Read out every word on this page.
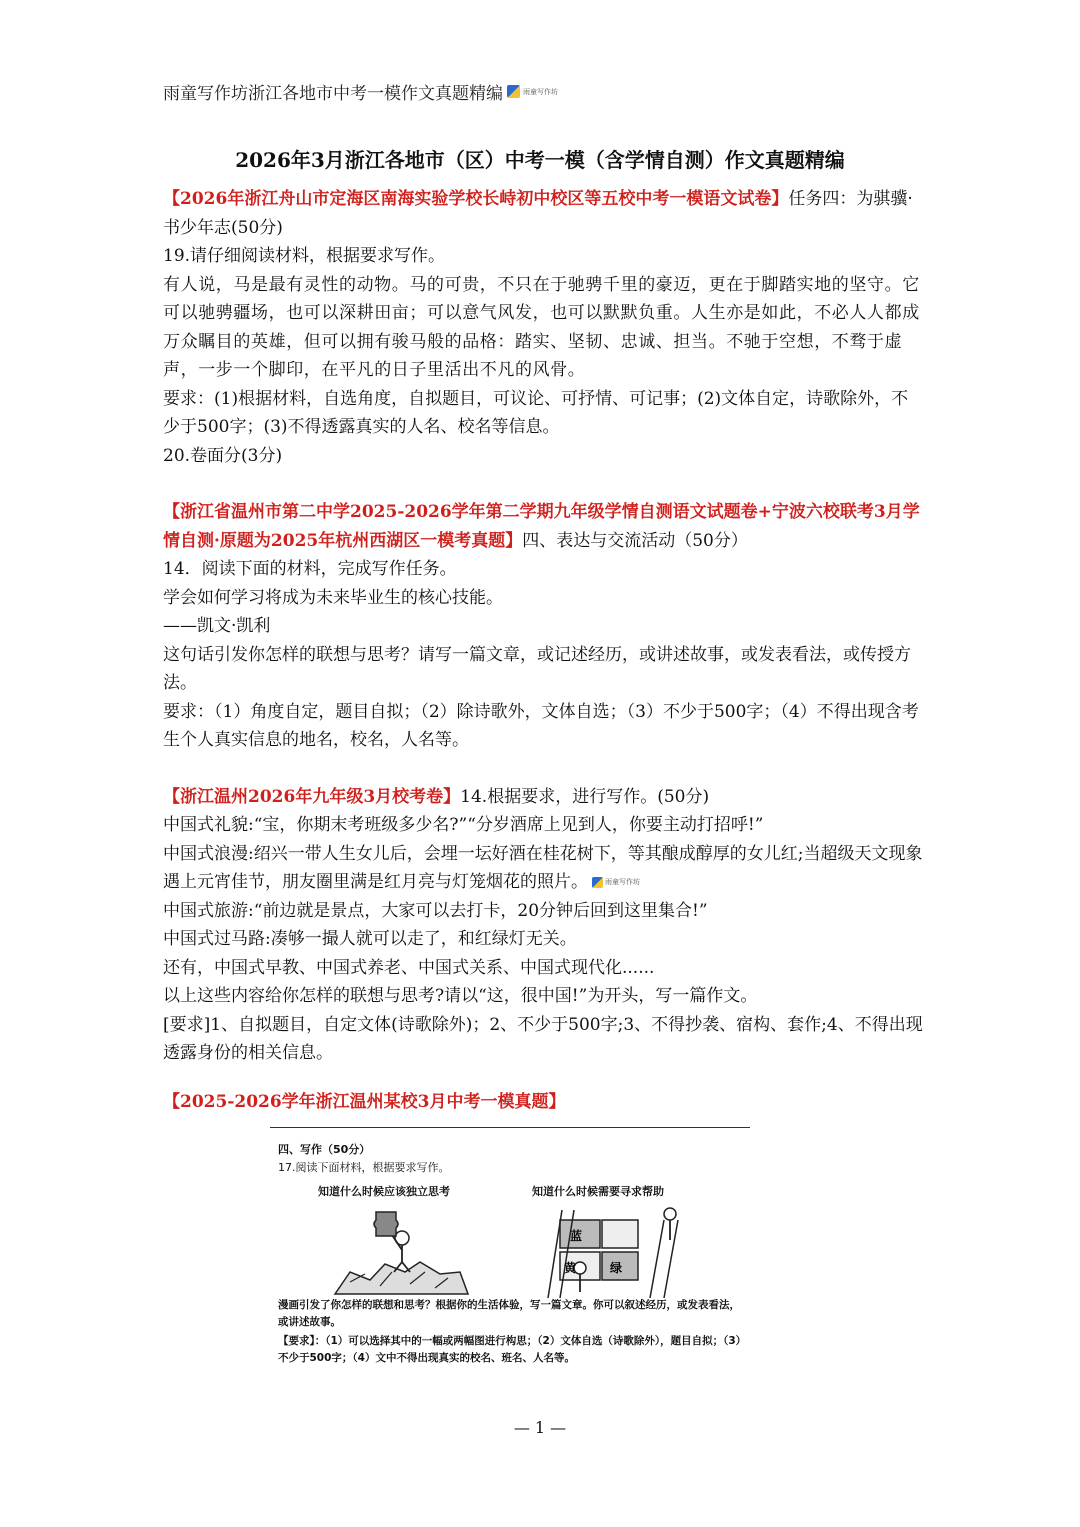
雨童写作坊浙江各地市中考一模作文真题精编	雨童写作坊
2026年3月浙江各地市（区）中考一模（含学情自测）作文真题精编

【2026年浙江舟山市定海区南海实验学校长峙初中校区等五校中考一模语文试卷】任务四：为骐骥·书少年志(50分)

19.请仔细阅读材料，根据要求写作。

有人说，马是最有灵性的动物。马的可贵，不只在于驰骋千里的豪迈，更在于脚踏实地的坚守。它可以驰骋疆场，也可以深耕田亩；可以意气风发，也可以默默负重。人生亦是如此，不必人人都成万众瞩目的英雄，但可以拥有骏马般的品格：踏实、坚韧、忠诚、担当。不驰于空想，不骛于虚声，一步一个脚印，在平凡的日子里活出不凡的风骨。

要求：(1)根据材料，自选角度，自拟题目，可议论、可抒情、可记事；(2)文体自定，诗歌除外，不少于500字；(3)不得透露真实的人名、校名等信息。

20.卷面分(3分)

【浙江省温州市第二中学2025-2026学年第二学期九年级学情自测语文试题卷+宁波六校联考3月学情自测·原题为2025年杭州西湖区一模考真题】四、表达与交流活动（50分）

14．阅读下面的材料，完成写作任务。

学会如何学习将成为未来毕业生的核心技能。

——凯文·凯利

这句话引发你怎样的联想与思考？请写一篇文章，或记述经历，或讲述故事，或发表看法，或传授方法。

要求：（1）角度自定，题目自拟；（2）除诗歌外，文体自选；（3）不少于500字；（4）不得出现含考生个人真实信息的地名，校名，人名等。

【浙江温州2026年九年级3月校考卷】14.根据要求，进行写作。(50分)

中国式礼貌:“宝，你期末考班级多少名?”“分岁酒席上见到人，你要主动打招呼!”

中国式浪漫:绍兴一带人生女儿后，会埋一坛好酒在桂花树下，等其酿成醇厚的女儿红;当超级天文现象遇上元宵佳节，朋友圈里满是红月亮与灯笼烟花的照片。 雨童写作坊

中国式旅游:“前边就是景点，大家可以去打卡，20分钟后回到这里集合!”

中国式过马路:凑够一撮人就可以走了，和红绿灯无关。

还有，中国式早教、中国式养老、中国式关系、中国式现代化......

以上这些内容给你怎样的联想与思考?请以“这，很中国!”为开头，写一篇作文。

[要求]1、自拟题目，自定文体(诗歌除外)；2、不少于500字;3、不得抄袭、宿构、套作;4、不得出现透露身份的相关信息。

【2025-2026学年浙江温州某校3月中考一模真题】

四、写作（50分）
17.阅读下面材料，根据要求写作。
知道什么时候应该独立思考	知道什么时候需要寻求帮助
蓝
黄	绿
漫画引发了你怎样的联想和思考？根据你的生活体验，写一篇文章。你可以叙述经历，或发表看法，或讲述故事。
【要求】：（1）可以选择其中的一幅或两幅图进行构思；（2）文体自选（诗歌除外），题目自拟；（3）不少于500字；（4）文中不得出现真实的校名、班名、人名等。
— 1 —
